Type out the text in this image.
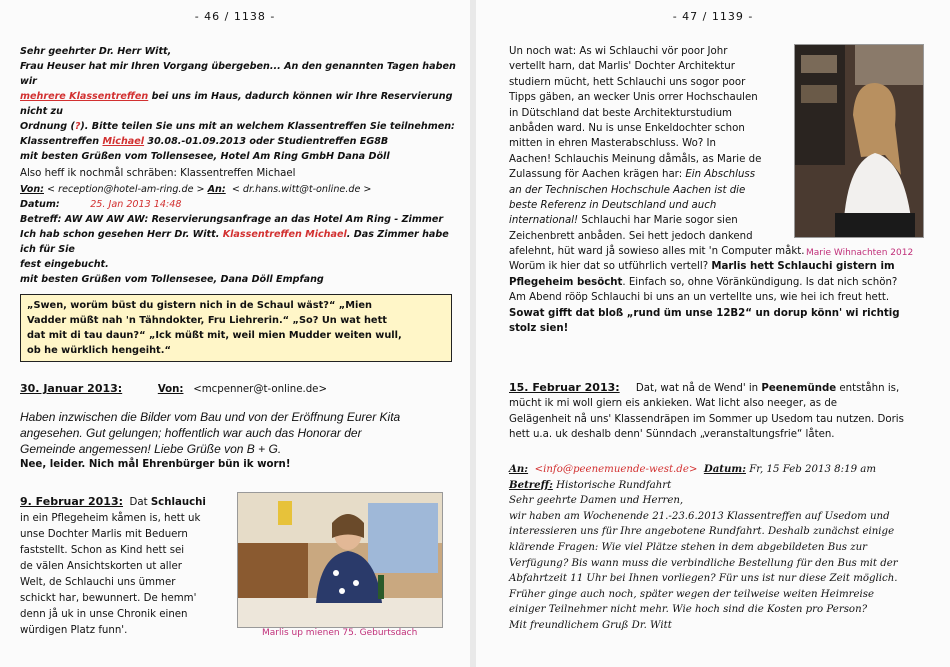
- 46 / 1138 -
Sehr geehrter Dr. Herr Witt,
Frau Heuser hat mir Ihren Vorgang übergeben... An den genannten Tagen haben wir
mehrere Klassentreffen bei uns im Haus, dadurch können wir Ihre Reservierung nicht zu
Ordnung (?). Bitte teilen Sie uns mit an welchem Klassentreffen Sie teilnehmen:
Klassentreffen Michael 30.08.-01.09.2013 oder Studientreffen EG8B
mit besten Grüßen vom Tollensesee, Hotel Am Ring GmbH Dana Döll
Also heff ik nochmål schräben: Klassentreffen Michael
Von: < reception@hotel-am-ring.de > An: < dr.hans.witt@t-online.de >
Datum:	25. Jan 2013 14:48
Betreff: AW AW AW AW: Reservierungsanfrage an das Hotel Am Ring - Zimmer
Ich hab schon gesehen Herr Dr. Witt. Klassentreffen Michael. Das Zimmer habe ich für Sie
fest eingebucht.
mit besten Grüßen vom Tollensesee, Dana Döll Empfang
„Swen, worüm büst du gistern nich in de Schaul wäst?“ „Mien
Vadder müßt nah 'n Tähndokter, Fru Liehrerin.“ „So? Un wat hett
dat mit di tau daun?“ „Ick müßt mit, weil mien Mudder weiten wull,
ob he würklich hengeiht.“
30. Januar 2013:	Von: <mcpenner@t-online.de>
Haben inzwischen die Bilder vom Bau und von der Eröffnung Eurer Kita
angesehen. Gut gelungen; hoffentlich war auch das Honorar der
Gemeinde angemessen! Liebe Grüße von B + G.
Nee, leider. Nich mål Ehrenbürger bün ik worn!
9. Februar 2013: Dat Schlauchi
in ein Pflegeheim kåmen is, hett uk
unse Dochter Marlis mit Beduern
faststellt. Schon as Kind hett sei
de välen Ansichtskorten ut aller
Welt, de Schlauchi uns ümmer
schickt har, bewunnert. De hemm'
denn jå uk in unse Chronik einen
würdigen Platz funn'.	Marlis up mienen 75. Geburtsdach
- 47 / 1139 -
Un noch wat: As wi Schlauchi vör poor Johr
vertellt harn, dat Marlis' Dochter Architektur
studiern mücht, hett Schlauchi uns sogor poor
Tipps gäben, an wecker Unis orrer Hochschaulen
in Dütschland dat beste Architekturstudium
anbåden ward. Nu is unse Enkeldochter schon
mitten in ehren Masterabschluss. Wo? In
Aachen! Schlauchis Meinung dåmåls, as Marie de
Zulassung för Aachen krägen har: Ein Abschluss
an der Technischen Hochschule Aachen ist die
beste Referenz in Deutschland und auch
international! Schlauchi har Marie sogor sien
Zeichenbrett anbåden. Sei hett jedoch dankend
Marie Wihnachten 2012
afelehnt, hüt ward jå sowieso alles mit 'n Computer måkt.
Worüm ik hier dat so utführlich vertell? Marlis hett Schlauchi gistern im
Pflegeheim besöcht. Einfach so, ohne Vöränkündigung. Is dat nich schön?
Am Abend rööp Schlauchi bi uns an un vertellte uns, wie hei ich freut hett.
Sowat gifft dat bloß „rund üm unse 12B2“ un dorup könn' wi richtig
stolz sien!
15. Februar 2013: Dat, wat nå de Wend' in Peenemünde entståhn is,
mücht ik mi woll giern eis ankieken. Wat licht also neeger, as de
Gelägenheit nå uns' Klassendräpen im Sommer up Usedom tau nutzen. Doris
hett u.a. uk deshalb denn' Sünndach „veranstaltungsfrie“ låten.
An: <info@peenemuende-west.de> Datum: Fr, 15 Feb 2013 8:19 am
Betreff: Historische Rundfahrt
Sehr geehrte Damen und Herren,
wir haben am Wochenende 21.-23.6.2013 Klassentreffen auf Usedom und
interessieren uns für Ihre angebotene Rundfahrt. Deshalb zunächst einige
klärende Fragen: Wie viel Plätze stehen in dem abgebildeten Bus zur
Verfügung? Bis wann muss die verbindliche Bestellung für den Bus mit der
Abfahrtzeit 11 Uhr bei Ihnen vorliegen? Für uns ist nur diese Zeit möglich.
Früher ginge auch noch, später wegen der teilweise weiten Heimreise
einiger Teilnehmer nicht mehr. Wie hoch sind die Kosten pro Person?
Mit freundlichem Gruß Dr. Witt
